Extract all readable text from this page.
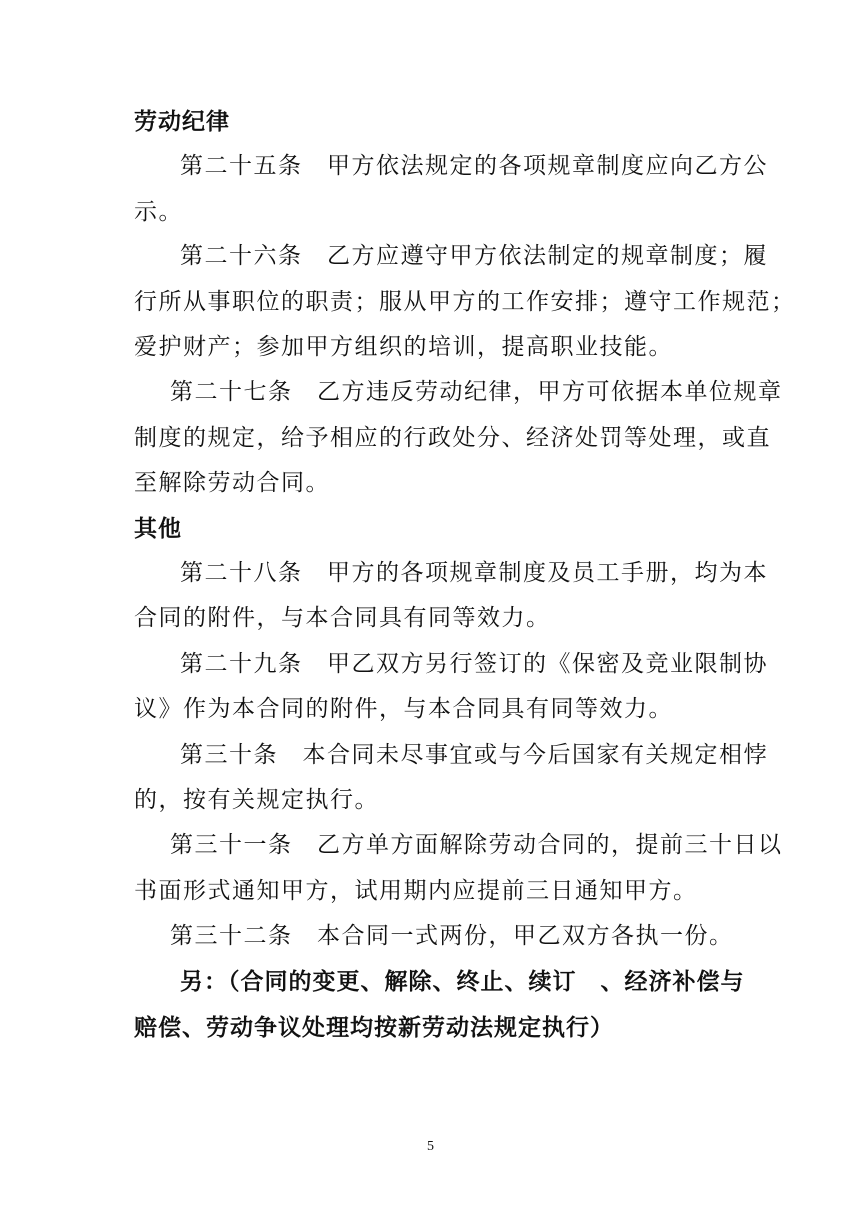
劳动纪律
第二十五条　甲方依法规定的各项规章制度应向乙方公
示。
第二十六条　乙方应遵守甲方依法制定的规章制度；履
行所从事职位的职责；服从甲方的工作安排；遵守工作规范；
爱护财产；参加甲方组织的培训，提高职业技能。
第二十七条　乙方违反劳动纪律，甲方可依据本单位规章
制度的规定，给予相应的行政处分、经济处罚等处理，或直
至解除劳动合同。
其他
第二十八条　甲方的各项规章制度及员工手册，均为本
合同的附件，与本合同具有同等效力。
第二十九条　甲乙双方另行签订的《保密及竞业限制协
议》作为本合同的附件，与本合同具有同等效力。
第三十条　本合同未尽事宜或与今后国家有关规定相悖
的，按有关规定执行。
第三十一条　乙方单方面解除劳动合同的，提前三十日以
书面形式通知甲方，试用期内应提前三日通知甲方。
第三十二条　本合同一式两份，甲乙双方各执一份。
另：（合同的变更、解除、终止、续订　、经济补偿与
赔偿、劳动争议处理均按新劳动法规定执行）
5
